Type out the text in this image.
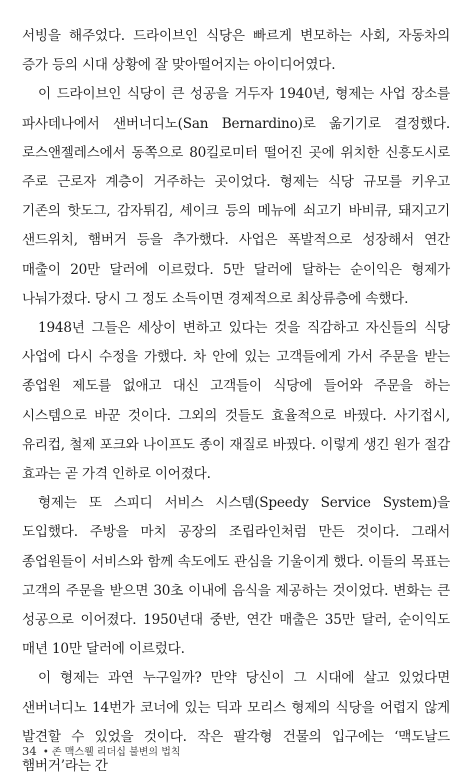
서빙을 해주었다. 드라이브인 식당은 빠르게 변모하는 사회, 자동차의 증가 등의 시대 상황에 잘 맞아떨어지는 아이디어였다.

이 드라이브인 식당이 큰 성공을 거두자 1940년, 형제는 사업 장소를 파사데나에서 샌버너디노(San Bernardino)로 옮기기로 결정했다. 로스앤젤레스에서 동쪽으로 80킬로미터 떨어진 곳에 위치한 신흥도시로 주로 근로자 계층이 거주하는 곳이었다. 형제는 식당 규모를 키우고 기존의 핫도그, 감자튀김, 셰이크 등의 메뉴에 쇠고기 바비큐, 돼지고기 샌드위치, 햄버거 등을 추가했다. 사업은 폭발적으로 성장해서 연간 매출이 20만 달러에 이르렀다. 5만 달러에 달하는 순이익은 형제가 나눠가졌다. 당시 그 정도 소득이면 경제적으로 최상류층에 속했다.

1948년 그들은 세상이 변하고 있다는 것을 직감하고 자신들의 식당 사업에 다시 수정을 가했다. 차 안에 있는 고객들에게 가서 주문을 받는 종업원 제도를 없애고 대신 고객들이 식당에 들어와 주문을 하는 시스템으로 바꾼 것이다. 그외의 것들도 효율적으로 바꿨다. 사기접시, 유리컵, 철제 포크와 나이프도 종이 재질로 바꿨다. 이렇게 생긴 원가 절감 효과는 곧 가격 인하로 이어졌다.

형제는 또 스피디 서비스 시스템(Speedy Service System)을 도입했다. 주방을 마치 공장의 조립라인처럼 만든 것이다. 그래서 종업원들이 서비스와 함께 속도에도 관심을 기울이게 했다. 이들의 목표는 고객의 주문을 받으면 30초 이내에 음식을 제공하는 것이었다. 변화는 큰 성공으로 이어졌다. 1950년대 중반, 연간 매출은 35만 달러, 순이익도 매년 10만 달러에 이르렀다.

이 형제는 과연 누구일까? 만약 당신이 그 시대에 살고 있었다면 샌버너디노 14번가 코너에 있는 딕과 모리스 형제의 식당을 어렵지 않게 발견할 수 있었을 것이다. 작은 팔각형 건물의 입구에는 ‘맥도날드 햄버거’라는 간

34 • 존 맥스웰 리더십 불변의 법칙
